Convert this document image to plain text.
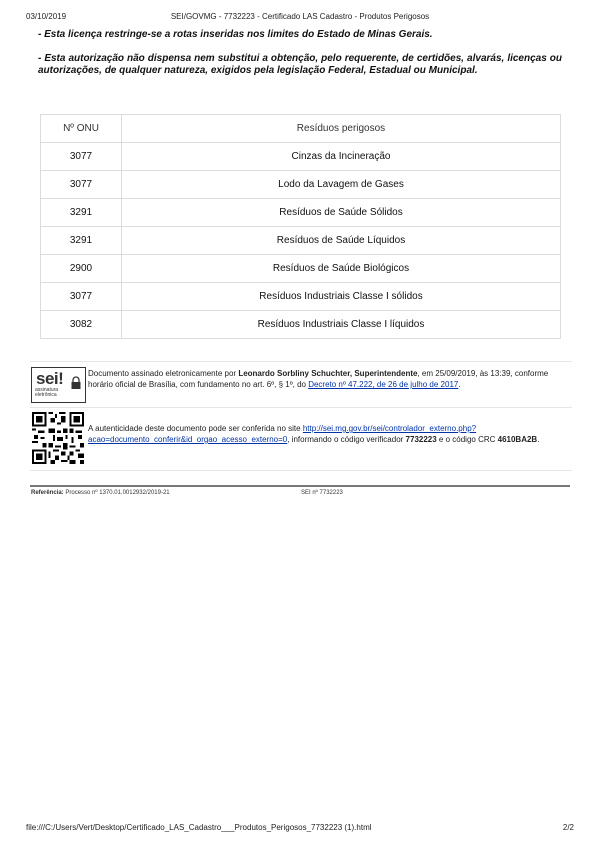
03/10/2019	SEI/GOVMG - 7732223 - Certificado LAS Cadastro - Produtos Perigosos

- Esta licença restringe-se a rotas inseridas nos limites do Estado de Minas Gerais.

- Esta autorização não dispensa nem substitui a obtenção, pelo requerente, de certidões, alvarás, licenças ou autorizações, de qualquer natureza, exigidos pela legislação Federal, Estadual ou Municipal.

Nº ONU	Resíduos perigosos
3077	Cinzas da Incineração
3077	Lodo da Lavagem de Gases
3291	Resíduos de Saúde Sólidos
3291	Resíduos de Saúde Líquidos
2900	Resíduos de Saúde Biológicos
3077	Resíduos Industriais Classe I sólidos
3082	Resíduos Industriais Classe I líquidos
sei!
assinatura
eletrônica

Documento assinado eletronicamente por Leonardo Sorbliny Schuchter, Superintendente, em 25/09/2019, às 13:39, conforme horário oficial de Brasília, com fundamento no art. 6º, § 1º, do Decreto nº 47.222, de 26 de julho de 2017.

A autenticidade deste documento pode ser conferida no site http://sei.mg.gov.br/sei/controlador_externo.php?acao=documento_conferir&id_orgao_acesso_externo=0, informando o código verificador 7732223 e o código CRC 4610BA2B.

Referência: Processo nº 1370.01.0012932/2019-21	SEI nº 7732223
file:///C:/Users/Vert/Desktop/Certificado_LAS_Cadastro___Produtos_Perigosos_7732223 (1).html	2/2
